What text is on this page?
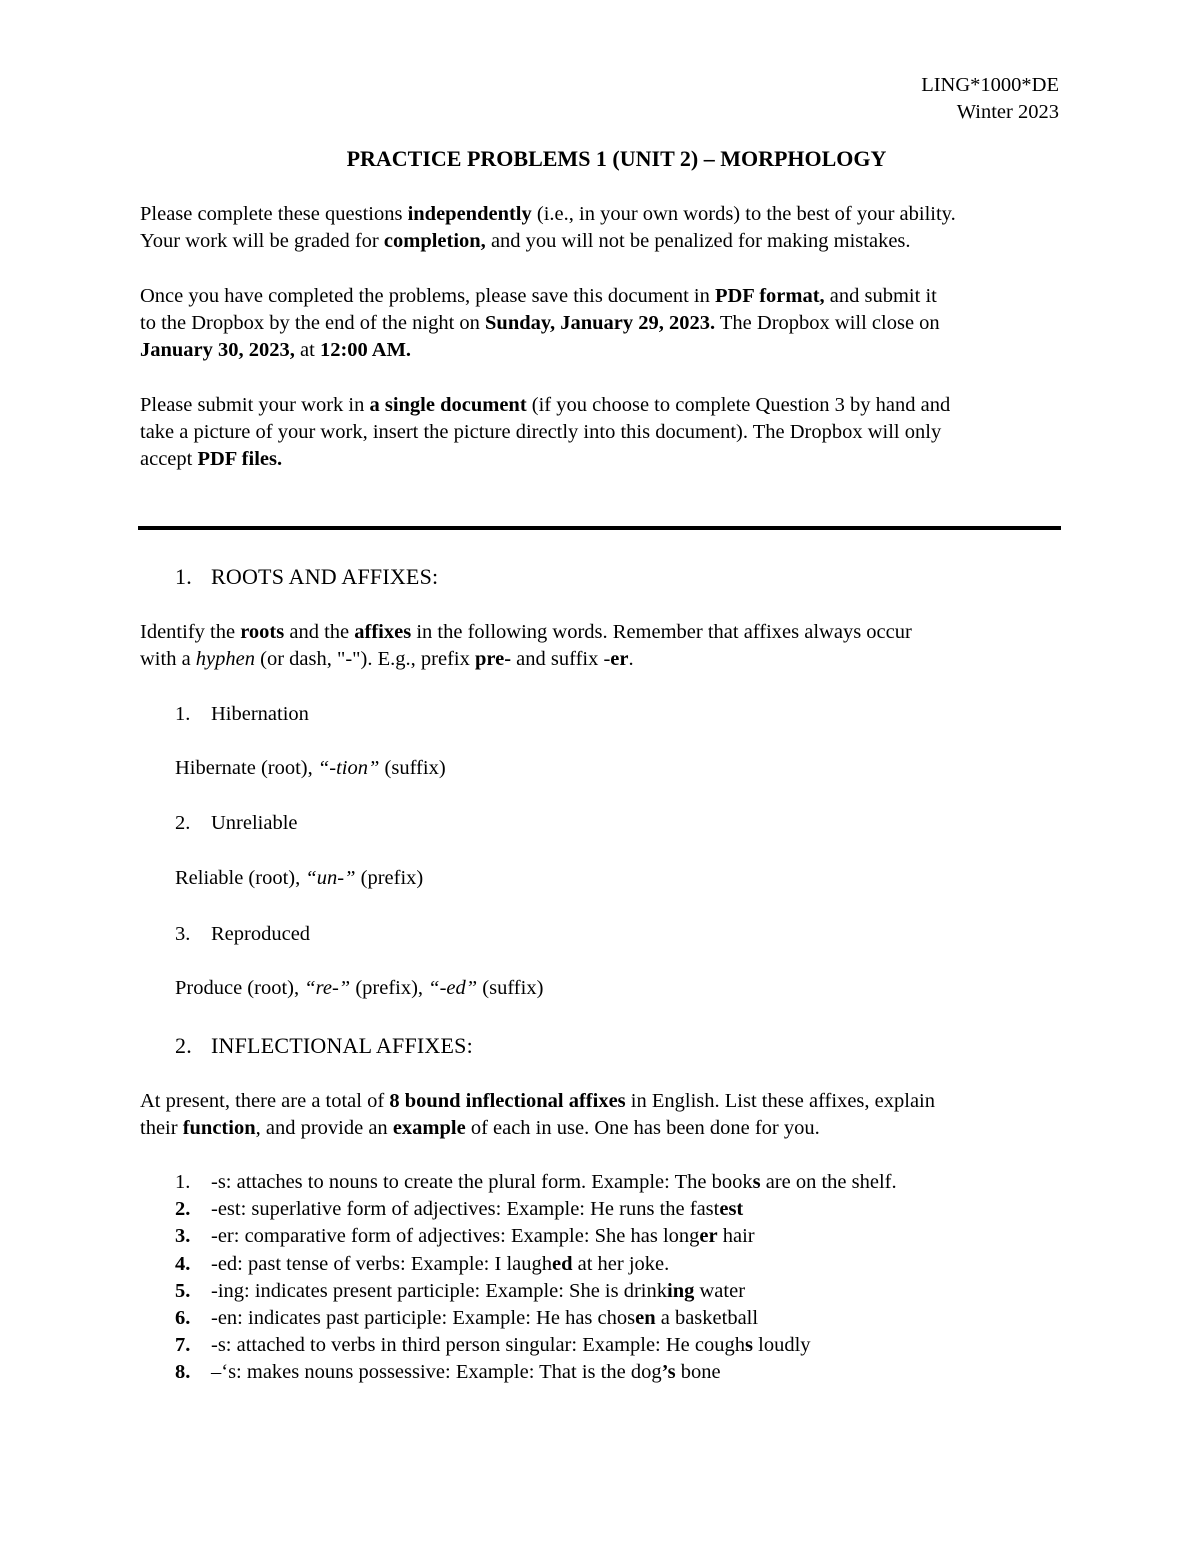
LING*1000*DE
Winter 2023
PRACTICE PROBLEMS 1 (UNIT 2) – MORPHOLOGY
Please complete these questions independently (i.e., in your own words) to the best of your ability.
Your work will be graded for completion, and you will not be penalized for making mistakes.
Once you have completed the problems, please save this document in PDF format, and submit it
to the Dropbox by the end of the night on Sunday, January 29, 2023. The Dropbox will close on
January 30, 2023, at 12:00 AM.
Please submit your work in a single document (if you choose to complete Question 3 by hand and
take a picture of your work, insert the picture directly into this document). The Dropbox will only
accept PDF files.
1. ROOTS AND AFFIXES:
Identify the roots and the affixes in the following words. Remember that affixes always occur
with a hyphen (or dash, "-"). E.g., prefix pre- and suffix -er.
1. Hibernation
Hibernate (root), “-tion” (suffix)
2. Unreliable
Reliable (root), “un-” (prefix)
3. Reproduced
Produce (root), “re-” (prefix), “-ed” (suffix)
2. INFLECTIONAL AFFIXES:
At present, there are a total of 8 bound inflectional affixes in English. List these affixes, explain
their function, and provide an example of each in use. One has been done for you.
1. -s: attaches to nouns to create the plural form. Example: The books are on the shelf.
2. -est: superlative form of adjectives: Example: He runs the fastest
3. -er: comparative form of adjectives: Example: She has longer hair
4. -ed: past tense of verbs: Example: I laughed at her joke.
5. -ing: indicates present participle: Example: She is drinking water
6. -en: indicates past participle: Example: He has chosen a basketball
7. -s: attached to verbs in third person singular: Example: He coughs loudly
8. –‘s: makes nouns possessive: Example: That is the dog’s bone
